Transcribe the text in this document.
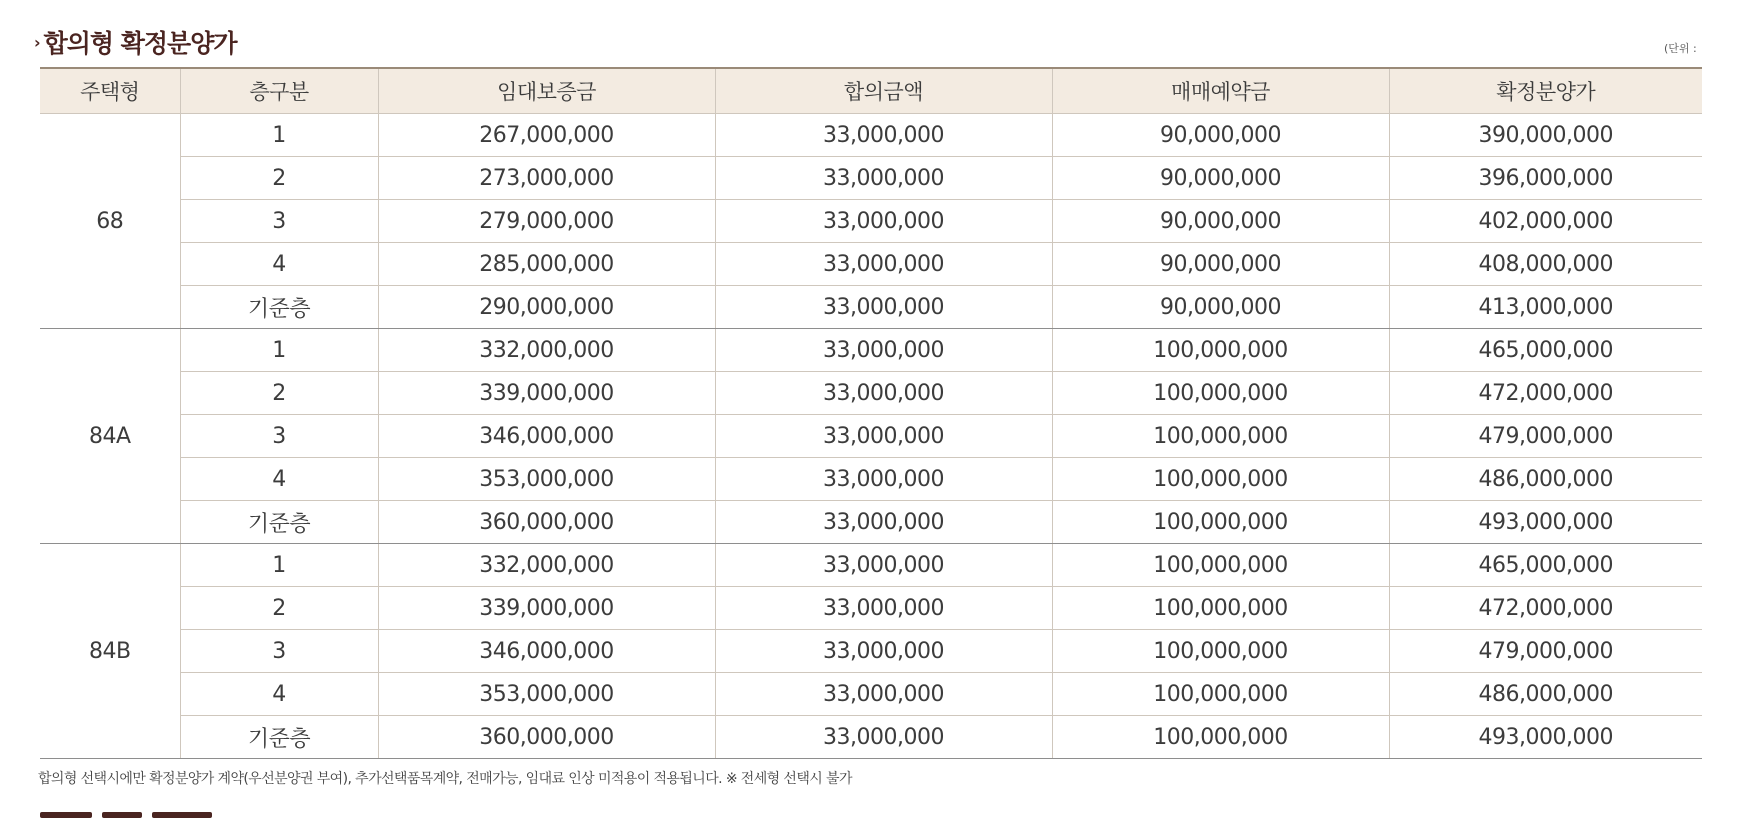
› 합의형 확정분양가	(단위 :
주택형	층구분	임대보증금	합의금액	매매예약금	확정분양가
68	1	267,000,000	33,000,000	90,000,000	390,000,000
	2	273,000,000	33,000,000	90,000,000	396,000,000
	3	279,000,000	33,000,000	90,000,000	402,000,000
	4	285,000,000	33,000,000	90,000,000	408,000,000
	기준층	290,000,000	33,000,000	90,000,000	413,000,000
84A	1	332,000,000	33,000,000	100,000,000	465,000,000
	2	339,000,000	33,000,000	100,000,000	472,000,000
	3	346,000,000	33,000,000	100,000,000	479,000,000
	4	353,000,000	33,000,000	100,000,000	486,000,000
	기준층	360,000,000	33,000,000	100,000,000	493,000,000
84B	1	332,000,000	33,000,000	100,000,000	465,000,000
	2	339,000,000	33,000,000	100,000,000	472,000,000
	3	346,000,000	33,000,000	100,000,000	479,000,000
	4	353,000,000	33,000,000	100,000,000	486,000,000
	기준층	360,000,000	33,000,000	100,000,000	493,000,000
합의형 선택시에만 확정분양가 계약(우선분양권 부여), 추가선택품목계약, 전매가능, 임대료 인상 미적용이 적용됩니다. ※ 전세형 선택시 불가
